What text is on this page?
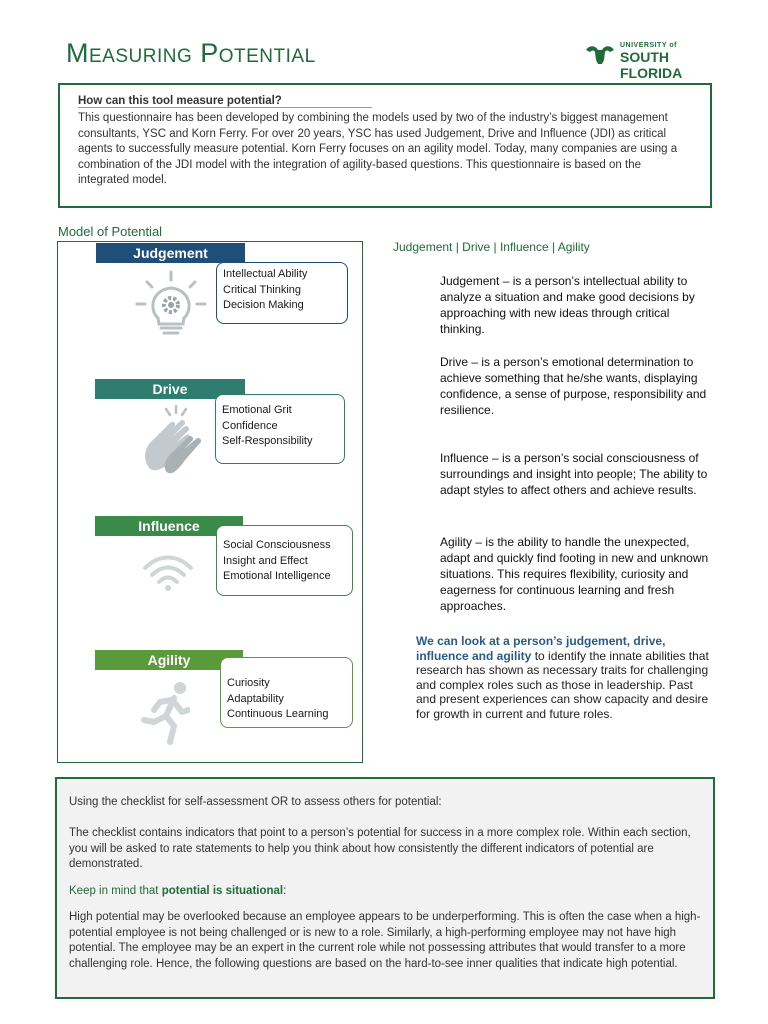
Measuring Potential	UNIVERSITY of
SOUTH FLORIDA
How can this tool measure potential?
This questionnaire has been developed by combining the models used by two of the industry’s biggest management consultants, YSC and Korn Ferry. For over 20 years, YSC has used Judgement, Drive and Influence (JDI) as critical agents to successfully measure potential. Korn Ferry focuses on an agility model. Today, many companies are using a combination of the JDI model with the integration of agility-based questions. This questionnaire is based on the integrated model.
Model of Potential
Judgement
Intellectual Ability
Critical Thinking
Decision Making
Drive
Emotional Grit
Confidence
Self-Responsibility
Influence
Social Consciousness
Insight and Effect
Emotional Intelligence
Agility
Curiosity
Adaptability
Continuous Learning
Judgement | Drive | Influence | Agility
Judgement – is a person’s intellectual ability to analyze a situation and make good decisions by approaching with new ideas through critical thinking.
Drive – is a person’s emotional determination to achieve something that he/she wants, displaying confidence, a sense of purpose, responsibility and resilience.
Influence – is a person’s social consciousness of surroundings and insight into people; The ability to adapt styles to affect others and achieve results.
Agility – is the ability to handle the unexpected, adapt and quickly find footing in new and unknown situations. This requires flexibility, curiosity and eagerness for continuous learning and fresh approaches.
We can look at a person’s judgement, drive, influence and agility to identify the innate abilities that research has shown as necessary traits for challenging and complex roles such as those in leadership. Past and present experiences can show capacity and desire for growth in current and future roles.
Using the checklist for self-assessment OR to assess others for potential:
The checklist contains indicators that point to a person’s potential for success in a more complex role. Within each section, you will be asked to rate statements to help you think about how consistently the different indicators of potential are demonstrated.
Keep in mind that potential is situational:
High potential may be overlooked because an employee appears to be underperforming. This is often the case when a high-potential employee is not being challenged or is new to a role. Similarly, a high-performing employee may not have high potential. The employee may be an expert in the current role while not possessing attributes that would transfer to a more challenging role. Hence, the following questions are based on the hard-to-see inner qualities that indicate high potential.
